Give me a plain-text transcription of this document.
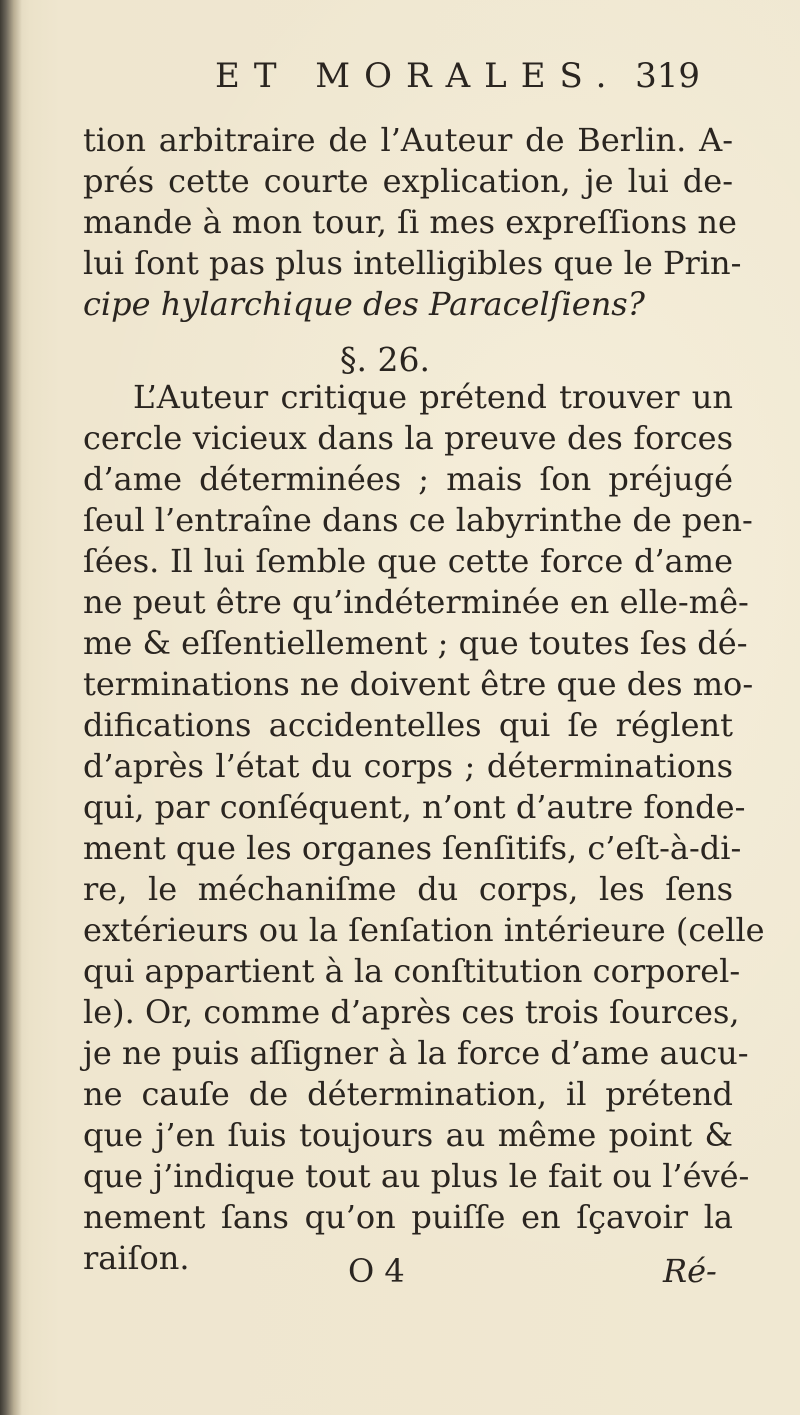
ET MORALES. 319
tion arbitraire de l’Auteur de Berlin. A-
prés cette courte explication, je lui de-
mande à mon tour, ſi mes expreſſions ne
lui ſont pas plus intelligibles que le Prin-
cipe hylarchique des Paracelſiens?
§. 26.
L’Auteur critique prétend trouver un
cercle vicieux dans la preuve des forces
d’ame déterminées ; mais ſon préjugé
ſeul l’entraîne dans ce labyrinthe de pen-
ſées. Il lui ſemble que cette force d’ame
ne peut être qu’indéterminée en elle-mê-
me & eſſentiellement ; que toutes ſes dé-
terminations ne doivent être que des mo-
difications accidentelles qui ſe réglent
d’après l’état du corps ; déterminations
qui, par conſéquent, n’ont d’autre fonde-
ment que les organes ſenſitifs, c’eſt-à-di-
re, le méchaniſme du corps, les ſens
extérieurs ou la ſenſation intérieure (celle
qui appartient à la conſtitution corporel-
le). Or, comme d’après ces trois ſources,
je ne puis aſſigner à la force d’ame aucu-
ne cauſe de détermination, il prétend
que j’en ſuis toujours au même point &
que j’indique tout au plus le fait ou l’évé-
nement ſans qu’on puiſſe en ſçavoir la
raiſon.	O 4	Ré-
